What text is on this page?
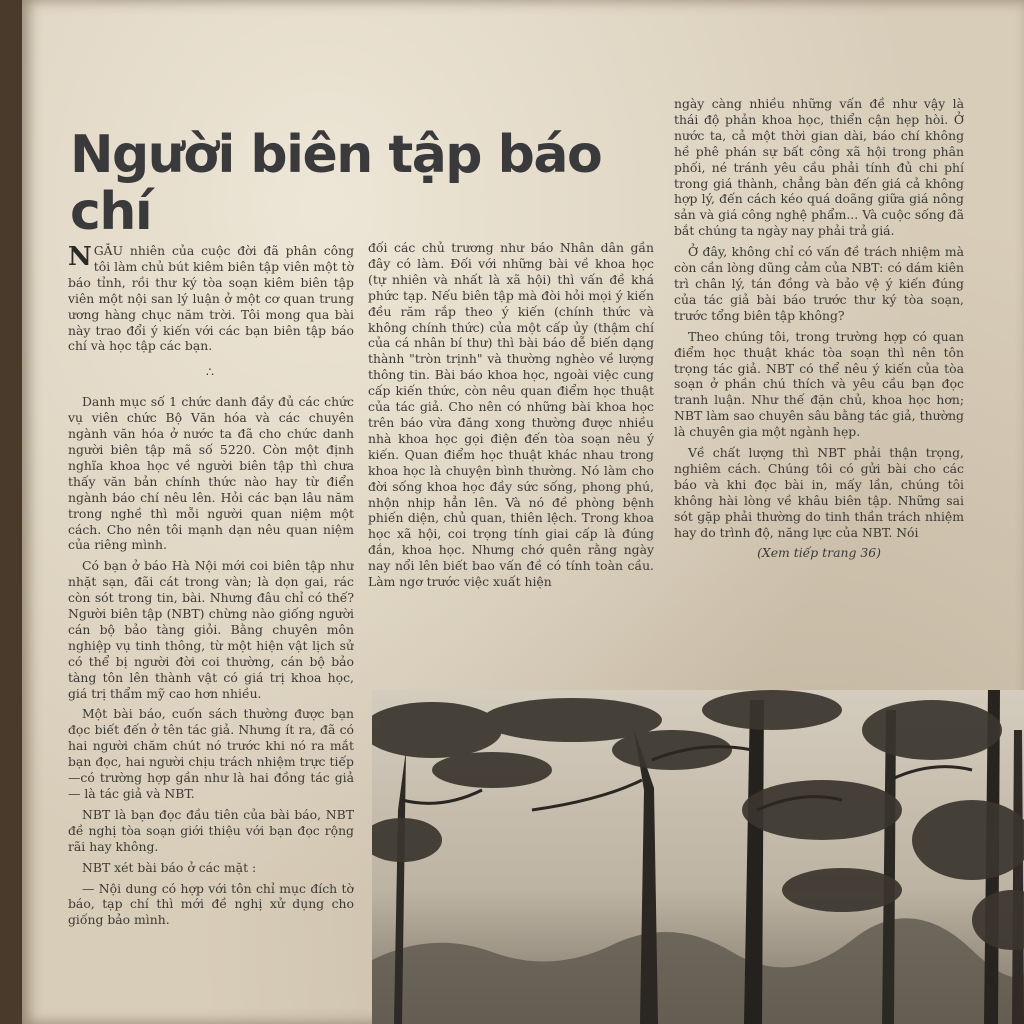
Người biên tập báo chí

NGẪU nhiên của cuộc đời đã phân công tôi làm chủ bút kiêm biên tập viên một tờ báo tỉnh, rồi thư ký tòa soạn kiêm biên tập viên một nội san lý luận ở một cơ quan trung ương hàng chục năm trời. Tôi mong qua bài này trao đổi ý kiến với các bạn biên tập báo chí và học tập các bạn.

∴

Danh mục số 1 chức danh đầy đủ các chức vụ viên chức Bộ Văn hóa và các chuyên ngành văn hóa ở nước ta đã cho chức danh người biên tập mã số 5220. Còn một định nghĩa khoa học về người biên tập thì chưa thấy văn bản chính thức nào hay từ điển ngành báo chí nêu lên. Hỏi các bạn lâu năm trong nghề thì mỗi người quan niệm một cách. Cho nên tôi mạnh dạn nêu quan niệm của riêng mình.

Có bạn ở báo Hà Nội mới coi biên tập như nhặt sạn, đãi cát trong vàn; là dọn gai, rác còn sót trong tin, bài. Nhưng đâu chỉ có thế? Người biên tập (NBT) chừng nào giống người cán bộ bảo tàng giỏi. Bằng chuyên môn nghiệp vụ tinh thông, từ một hiện vật lịch sử có thể bị người đời coi thường, cán bộ bảo tàng tôn lên thành vật có giá trị khoa học, giá trị thẩm mỹ cao hơn nhiều.

Một bài báo, cuốn sách thường được bạn đọc biết đến ở tên tác giả. Nhưng ít ra, đã có hai người chăm chút nó trước khi nó ra mắt bạn đọc, hai người chịu trách nhiệm trực tiếp—có trường hợp gần như là hai đồng tác giả — là tác giả và NBT.

NBT là bạn đọc đầu tiên của bài báo, NBT đề nghị tòa soạn giới thiệu với bạn đọc rộng rãi hay không.

NBT xét bài báo ở các mặt :

— Nội dung có hợp với tôn chỉ mục đích tờ báo, tạp chí thì mới đề nghị xử dụng cho giống bảo mình.

đối các chủ trương như báo Nhân dân gần đây có làm. Đối với những bài về khoa học (tự nhiên và nhất là xã hội) thì vấn đề khá phức tạp. Nếu biên tập mà đòi hỏi mọi ý kiến đều răm rắp theo ý kiến (chính thức và không chính thức) của một cấp ủy (thậm chí của cá nhân bí thư) thì bài báo dễ biến dạng thành "tròn trịnh" và thường nghèo về lượng thông tin. Bài báo khoa học, ngoài việc cung cấp kiến thức, còn nêu quan điểm học thuật của tác giả. Cho nên có những bài khoa học trên báo vừa đăng xong thường được nhiều nhà khoa học gọi điện đến tòa soạn nêu ý kiến. Quan điểm học thuật khác nhau trong khoa học là chuyện bình thường. Nó làm cho đời sống khoa học đầy sức sống, phong phú, nhộn nhịp hẳn lên. Và nó đề phòng bệnh phiến diện, chủ quan, thiên lệch. Trong khoa học xã hội, coi trọng tính giai cấp là đúng đắn, khoa học. Nhưng chớ quên rằng ngày nay nổi lên biết bao vấn đề có tính toàn cầu. Làm ngơ trước việc xuất hiện

ngày càng nhiều những vấn đề như vậy là thái độ phản khoa học, thiển cận hẹp hòi. Ở nước ta, cả một thời gian dài, báo chí không hề phê phán sự bất công xã hội trong phân phối, né tránh yêu cầu phải tính đủ chi phí trong giá thành, chẳng bàn đến giá cả không hợp lý, đến cách kéo quá doãng giữa giá nông sản và giá công nghệ phẩm... Và cuộc sống đã bắt chúng ta ngày nay phải trả giá.

Ở đây, không chỉ có vấn đề trách nhiệm mà còn cần lòng dũng cảm của NBT: có dám kiên trì chân lý, tán đồng và bảo vệ ý kiến đúng của tác giả bài báo trước thư ký tòa soạn, trước tổng biên tập không?

Theo chúng tôi, trong trường hợp có quan điểm học thuật khác tòa soạn thì nên tôn trọng tác giả. NBT có thể nêu ý kiến của tòa soạn ở phần chú thích và yêu cầu bạn đọc tranh luận. Như thế đặn chủ, khoa học hơn; NBT làm sao chuyên sâu bằng tác giả, thường là chuyên gia một ngành hẹp.

Về chất lượng thì NBT phải thận trọng, nghiêm cách. Chúng tôi có gửi bài cho các báo và khi đọc bài in, mấy lần, chúng tôi không hài lòng về khâu biên tập. Những sai sót gặp phải thường do tinh thần trách nhiệm hay do trình độ, năng lực của NBT. Nói

(Xem tiếp trang 36)
